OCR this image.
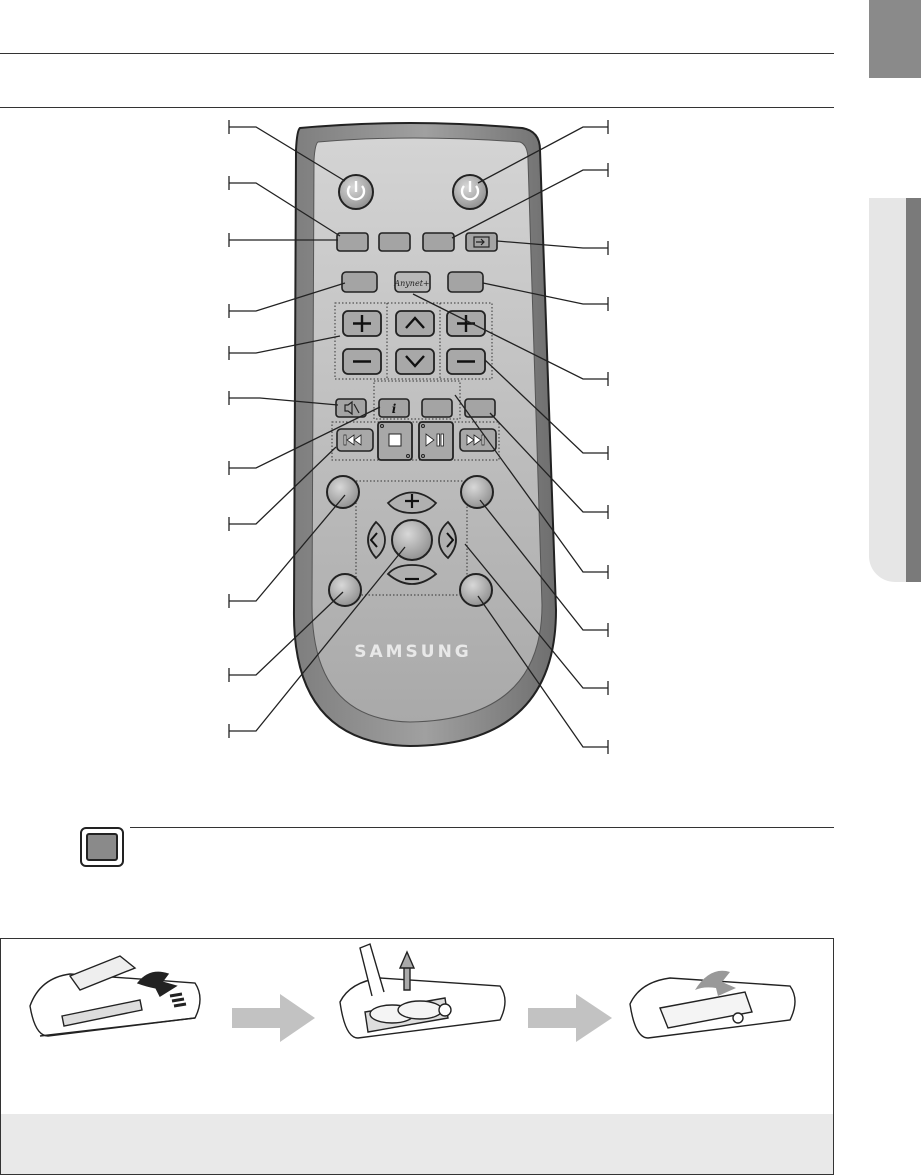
Anynet+
i
SAMSUNG
